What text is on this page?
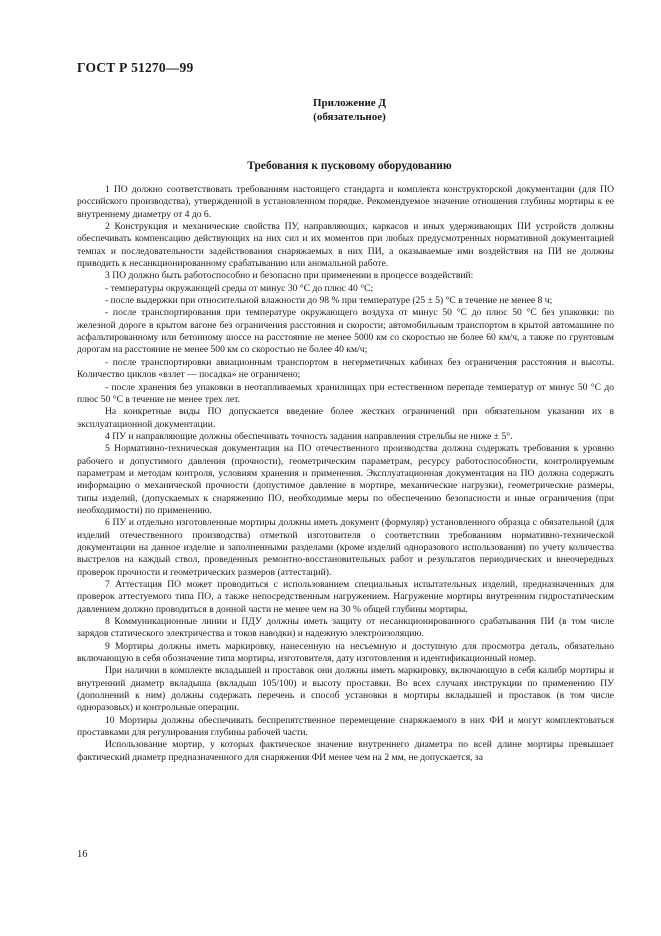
ГОСТ Р 51270—99
Приложение Д
(обязательное)
Требования к пусковому оборудованию

1 ПО должно соответствовать требованиям настоящего стандарта и комплекта конструкторской документации (для ПО российского производства), утвержденной в установленном порядке. Рекомендуемое значение отношения глубины мортиры к ее внутреннему диаметру от 4 до 6.

2 Конструкция и механические свойства ПУ, направляющих, каркасов и иных удерживающих ПИ устройств должны обеспечивать компенсацию действующих на них сил и их моментов при любых предусмотренных нормативной документацией темпах и последовательности задействования снаряжаемых в них ПИ, а оказываемые ими воздействия на ПИ не должны приводить к несанкционированному срабатыванию или аномальной работе.

3 ПО должно быть работоспособно и безопасно при применении в процессе воздействий:

- температуры окружающей среды от минус 30 °С до плюс 40 °С;

- после выдержки при относительной влажности до 98 % при температуре (25 ± 5) °С в течение не менее 8 ч;

- после транспортирования при температуре окружающего воздуха от минус 50 °С до плюс 50 °С без упаковки: по железной дороге в крытом вагоне без ограничения расстояния и скорости; автомобильным транспортом в крытой автомашине по асфальтированному или бетонному шоссе на расстояние не менее 5000 км со скоростью не более 60 км/ч, а также по грунтовым дорогам на расстояние не менее 500 км со скоростью не более 40 км/ч;

- после транспортировки авиационным транспортом в негерметичных кабинах без ограничения расстояния и высоты. Количество циклов «взлет — посадка» не ограничено;

- после хранения без упаковки в неотапливаемых хранилищах при естественном перепаде температур от минус 50 °С до плюс 50 °С в течение не менее трех лет.

На конкретные виды ПО допускается введение более жестких ограничений при обязательном указании их в эксплуатационной документации.

4 ПУ и направляющие должны обеспечивать точность задания направления стрельбы не ниже ± 5°.

5 Нормативно-техническая документация на ПО отечественного производства должна содержать требования к уровню рабочего и допустимого давления (прочности), геометрическим параметрам, ресурсу работоспособности, контролируемым параметрам и методам контроля, условиям хранения и применения. Эксплуатационная документация на ПО должна содержать информацию о механической прочности (допустимое давление в мортире, механические нагрузки), геометрические размеры, типы изделий, (допускаемых к снаряжению ПО, необходимые меры по обеспечению безопасности и иные ограничения (при необходимости) по применению.

6 ПУ и отдельно изготовленные мортиры должны иметь документ (формуляр) установленного образца с обязательной (для изделий отечественного производства) отметкой изготовителя о соответствии требованиям нормативно-технической документации на данное изделие и заполненными разделами (кроме изделий одноразового использования) по учету количества выстрелов на каждый ствол, проведенных ремонтно-восстановительных работ и результатов периодических и внеочередных проверок прочности и геометрических размеров (аттестаций).

7 Аттестация ПО может проводиться с использованием специальных испытательных изделий, предназначенных для проверок аттестуемого типа ПО, а также непосредственным нагружением. Нагружение мортиры внутренним гидростатическим давлением должно проводиться в донной части не менее чем на 30 % общей глубины мортиры.

8 Коммуникационные линии и ПДУ должны иметь защиту от несанкционированного срабатывания ПИ (в том числе зарядов статического электричества и токов наводки) и надежную электроизоляцию.

9 Мортиры должны иметь маркировку, нанесенную на несъемную и доступную для просмотра деталь, обязательно включающую в себя обозначение типа мортиры, изготовителя, дату изготовления и идентификационный номер.

При наличии в комплекте вкладышей и проставок они должны иметь маркировку, включающую в себя калибр мортиры и внутренний диаметр вкладыша (вкладыш 105/100) и высоту проставки. Во всех случаях инструкции по применению ПУ (дополнений к ним) должны содержать перечень и способ установки в мортиры вкладышей и проставок (в том числе одноразовых) и контрольные операции.

10 Мортиры должны обеспечивать беспрепятственное перемещение снаряжаемого в них ФИ и могут комплектоваться проставками для регулирования глубины рабочей части.

Использование мортир, у которых фактическое значение внутреннего диаметра по всей длине мортиры превышает фактический диаметр предназначенного для снаряжения ФИ менее чем на 2 мм, не допускается, за

16
